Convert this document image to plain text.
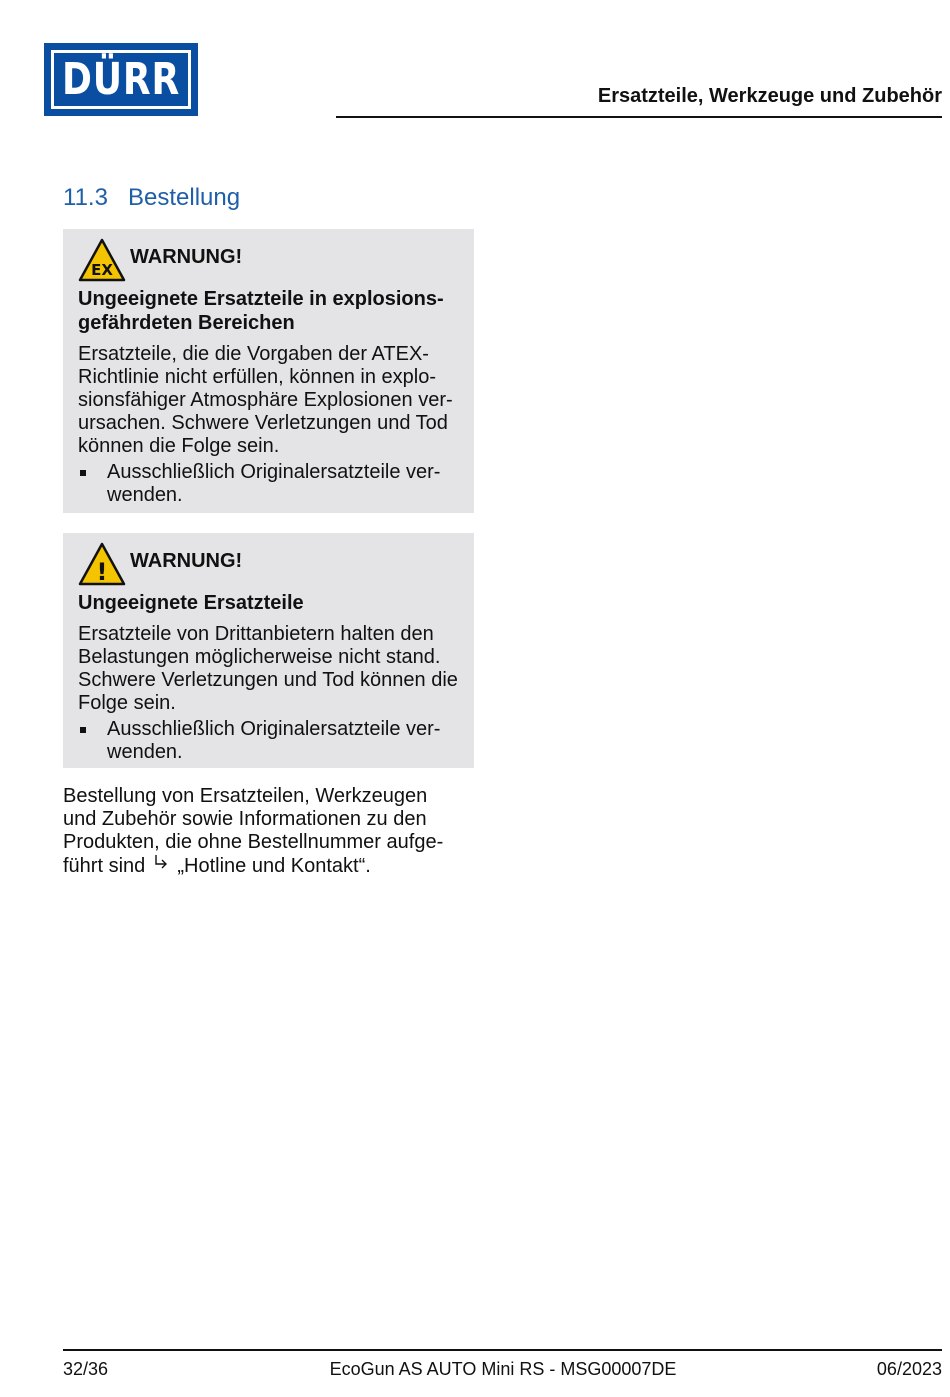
DÜRR	Ersatzteile, Werkzeuge und Zubehör
11.3 Bestellung
EX
WARNUNG!
Ungeeignete Ersatzteile in explosions-
gefährdeten Bereichen
Ersatzteile, die die Vorgaben der ATEX-
Richtlinie nicht erfüllen, können in explo-
sionsfähiger Atmosphäre Explosionen ver-
ursachen. Schwere Verletzungen und Tod
können die Folge sein.
Ausschließlich Originalersatzteile ver-
wenden.
! WARNUNG!
Ungeeignete Ersatzteile
Ersatzteile von Drittanbietern halten den
Belastungen möglicherweise nicht stand.
Schwere Verletzungen und Tod können die
Folge sein.
Ausschließlich Originalersatzteile ver-
wenden.
Bestellung von Ersatzteilen, Werkzeugen
und Zubehör sowie Informationen zu den
Produkten, die ohne Bestellnummer aufge-
führt sind „Hotline und Kontakt“.
32/36	EcoGun AS AUTO Mini RS - MSG00007DE	06/2023
